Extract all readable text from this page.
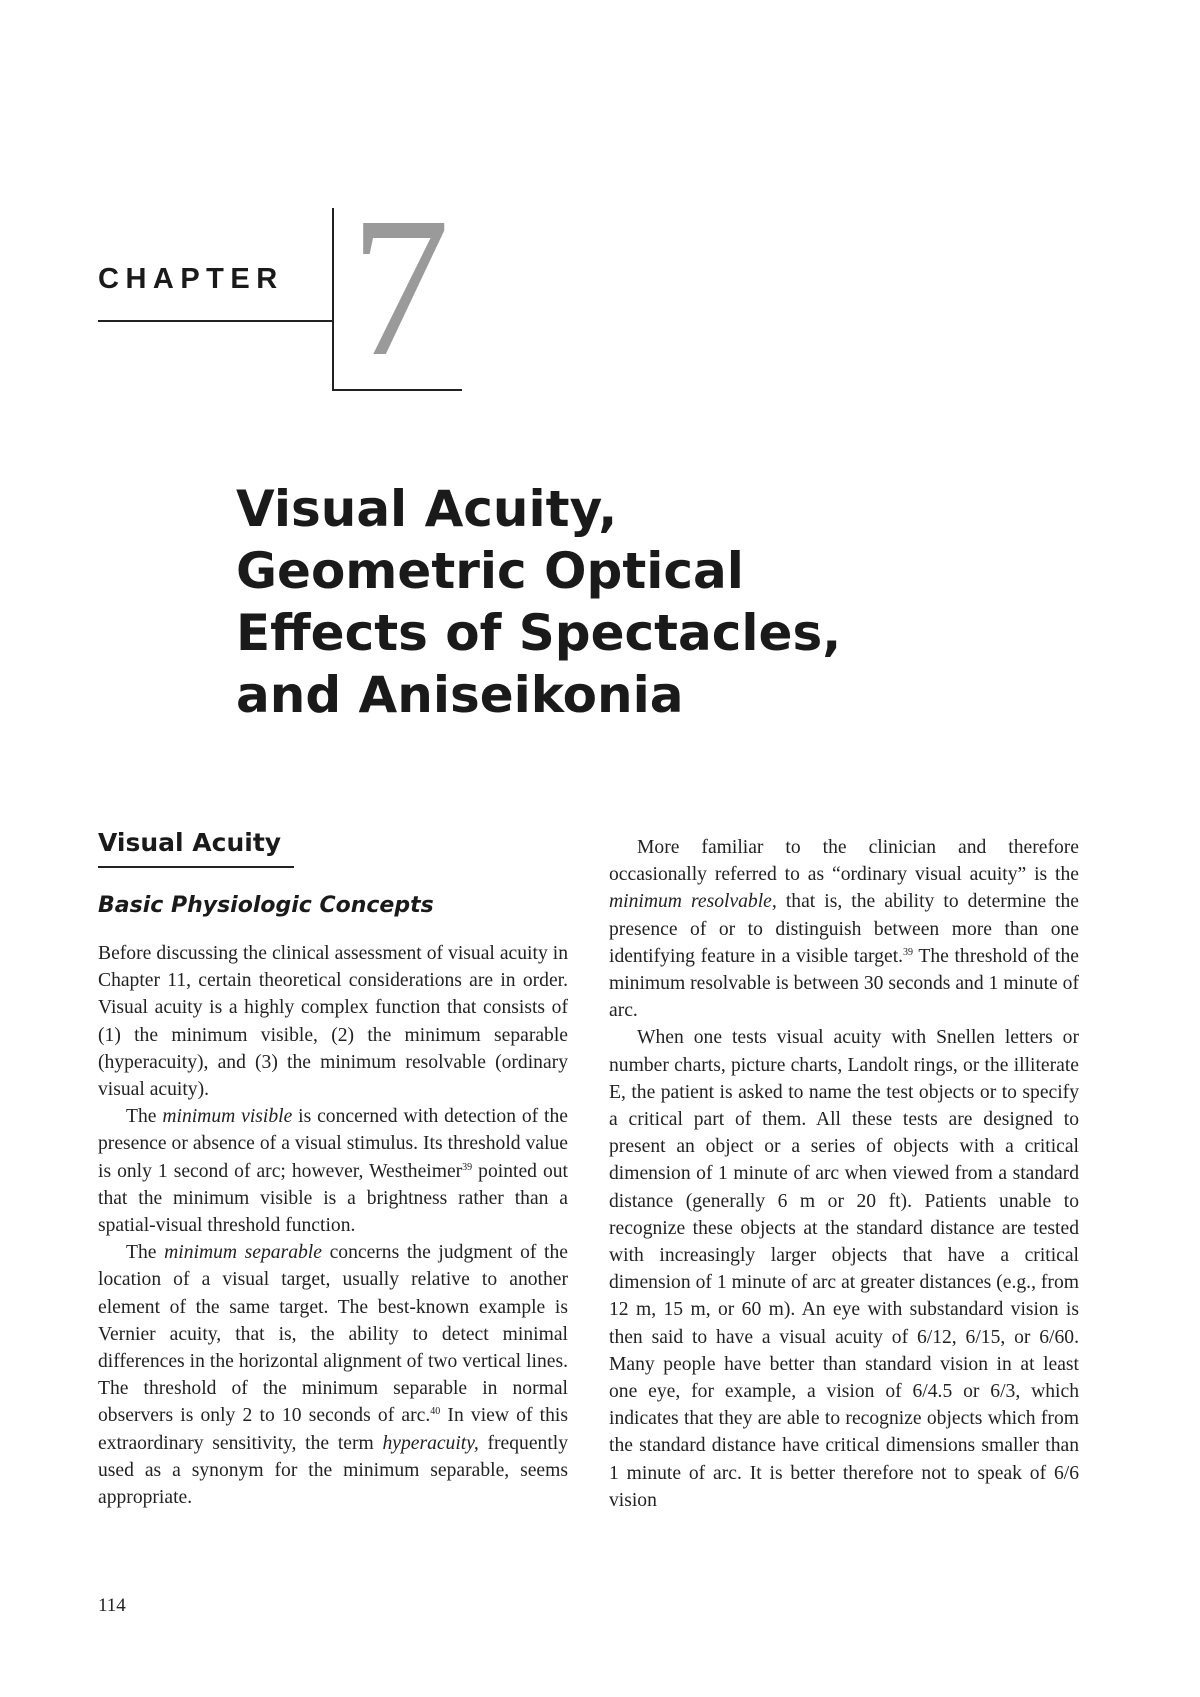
CHAPTER 7
Visual Acuity,
Geometric Optical
Effects of Spectacles,
and Aniseikonia
Visual Acuity
Basic Physiologic Concepts

Before discussing the clinical assessment of visual acuity in Chapter 11, certain theoretical considerations are in order. Visual acuity is a highly complex function that consists of (1) the minimum visible, (2) the minimum separable (hyperacuity), and (3) the minimum resolvable (ordinary visual acuity).

The minimum visible is concerned with detection of the presence or absence of a visual stimulus. Its threshold value is only 1 second of arc; however, Westheimer$^{39}$ pointed out that the minimum visible is a brightness rather than a spatial-visual threshold function.

The minimum separable concerns the judgment of the location of a visual target, usually relative to another element of the same target. The best-known example is Vernier acuity, that is, the ability to detect minimal differences in the horizontal alignment of two vertical lines. The threshold of the minimum separable in normal observers is only 2 to 10 seconds of arc.$^{40}$ In view of this extraordinary sensitivity, the term hyperacuity, frequently used as a synonym for the minimum separable, seems appropriate.

More familiar to the clinician and therefore occasionally referred to as “ordinary visual acuity” is the minimum resolvable, that is, the ability to determine the presence of or to distinguish between more than one identifying feature in a visible target.$^{39}$ The threshold of the minimum resolvable is between 30 seconds and 1 minute of arc.

When one tests visual acuity with Snellen letters or number charts, picture charts, Landolt rings, or the illiterate E, the patient is asked to name the test objects or to specify a critical part of them. All these tests are designed to present an object or a series of objects with a critical dimension of 1 minute of arc when viewed from a standard distance (generally 6 m or 20 ft). Patients unable to recognize these objects at the standard distance are tested with increasingly larger objects that have a critical dimension of 1 minute of arc at greater distances (e.g., from 12 m, 15 m, or 60 m). An eye with substandard vision is then said to have a visual acuity of 6/12, 6/15, or 6/60. Many people have better than standard vision in at least one eye, for example, a vision of 6/4.5 or 6/3, which indicates that they are able to recognize objects which from the standard distance have critical dimensions smaller than 1 minute of arc. It is better therefore not to speak of 6/6 vision

114
